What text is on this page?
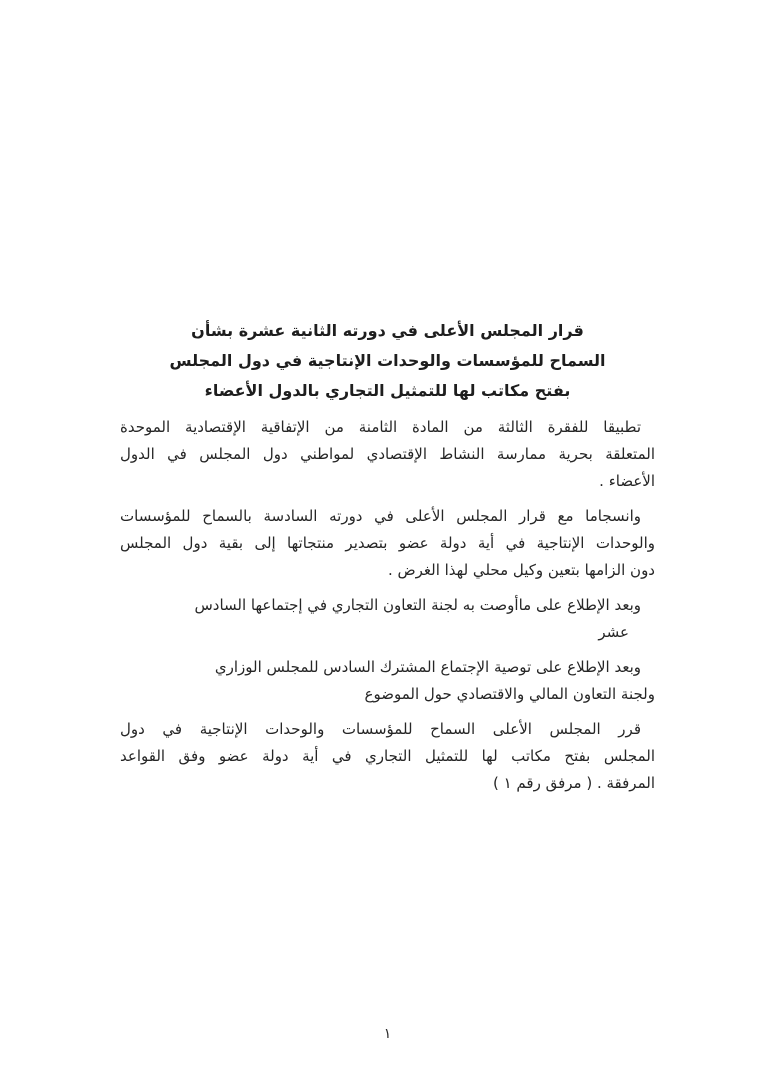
قرار المجلس الأعلى في دورته الثانية عشرة بشأن
السماح للمؤسسات والوحدات الإنتاجية في دول المجلس
بفتح مكاتب لها للتمثيل التجاري بالدول الأعضاء
تطبيقا للفقرة الثالثة من المادة الثامنة من الإتفاقية الإقتصادية الموحدة
المتعلقة بحرية ممارسة النشاط الإقتصادي لمواطني دول المجلس في الدول
الأعضاء .
وانسجاما مع قرار المجلس الأعلى في دورته السادسة بالسماح للمؤسسات
والوحدات الإنتاجية في أية دولة عضو بتصدير منتجاتها إلى بقية دول المجلس
دون الزامها بتعين وكيل محلي لهذا الغرض .
وبعد الإطلاع على ماأوصت به لجنة التعاون التجاري في إجتماعها السادس
عشر
وبعد الإطلاع على توصية الإجتماع المشترك السادس للمجلس الوزاري
ولجنة التعاون المالي والاقتصادي حول الموضوع
قرر المجلس الأعلى السماح للمؤسسات والوحدات الإنتاجية في دول
المجلس بفتح مكاتب لها للتمثيل التجاري في أية دولة عضو وفق القواعد
المرفقة . ( مرفق رقم ١ )
١
